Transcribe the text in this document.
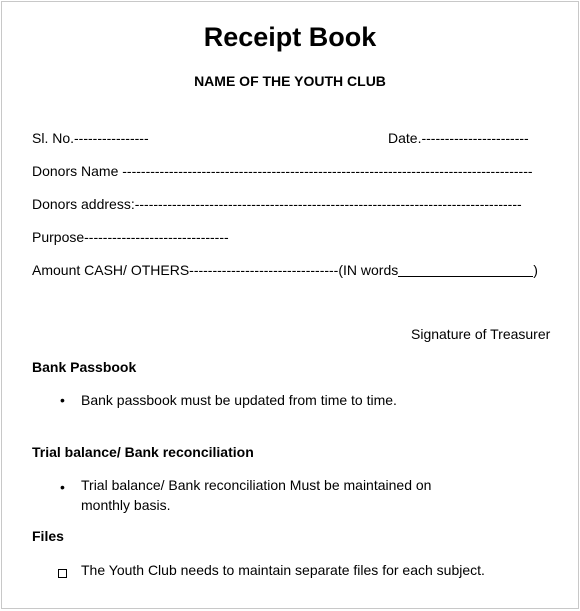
Receipt Book
NAME OF THE YOUTH CLUB
Sl. No.----------------	Date.-----------------------
Donors Name ----------------------------------------------------------------------------------------
Donors address:-----------------------------------------------------------------------------------
Purpose-------------------------------
Amount CASH/ OTHERS--------------------------------(IN words	)
Signature of Treasurer
Bank Passbook
• Bank passbook must be updated from time to time.
Trial balance/ Bank reconciliation
• Trial balance/ Bank reconciliation Must be maintained on
monthly basis.
Files
The Youth Club needs to maintain separate files for each subject.
